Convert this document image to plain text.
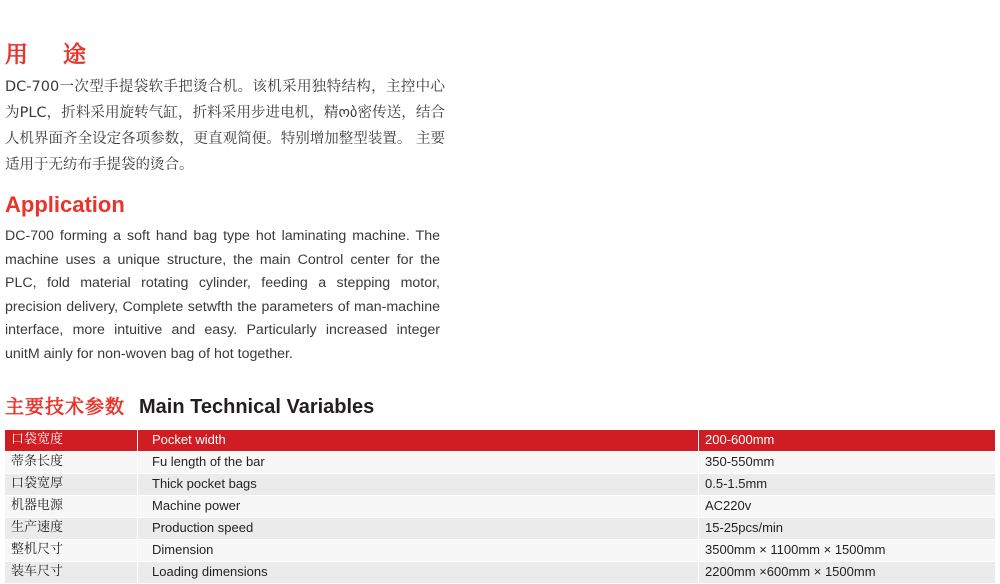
用　途
DC-700一次型手提袋软手把烫合机。该机采用独特结构，主控中心为PLC，折料采用旋转气缸，折料采用步进电机，精ობ密传送，结合人机界面齐全设定各项参数，更直观简便。特别增加整型装置。 主要适用于无纺布手提袋的烫合。
Application
DC-700 forming a soft hand bag type hot laminating machine. The machine uses a unique structure, the main Control center for the PLC, fold material rotating cylinder, feeding a stepping motor, precision delivery, Complete setwfth the parameters of man-machine interface, more intuitive and easy. Particularly increased integer unitM ainly for non-woven bag of hot together.
主要技术参数 Main Technical Variables
口袋宽度	Pocket width	200-600mm
蒂条长度	Fu length of the bar	350-550mm
口袋宽厚	Thick pocket bags	0.5-1.5mm
机器电源	Machine power	AC220v
生产速度	Production speed	15-25pcs/min
整机尺寸	Dimension	3500mm × 1100mm × 1500mm
装车尺寸	Loading dimensions	2200mm ×600mm × 1500mm
